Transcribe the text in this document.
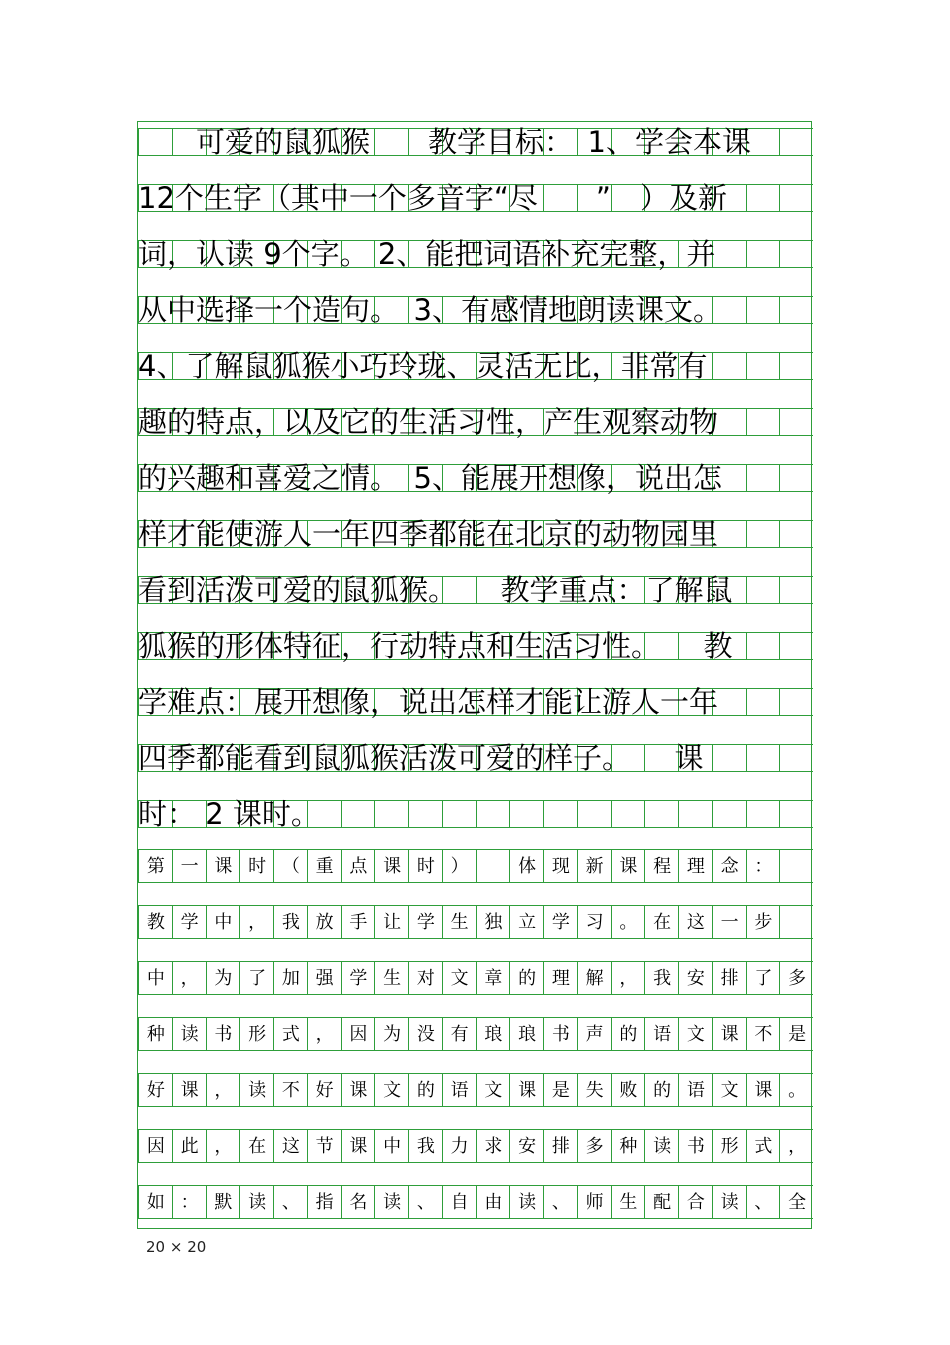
　　可爱的鼠狐猴　　教学目标：　1、学会本课
12个生字（其中一个多音字“尽　　”　）及新
词，认读 9个字。 2、能把词语补充完整，并
从中选择一个造句。　3、有感情地朗读课文。
4、了解鼠狐猴小巧玲珑、灵活无比，非常有
趣的特点，以及它的生活习性，产生观察动物
的兴趣和喜爱之情。　5、能展开想像，说出怎
样才能使游人一年四季都能在北京的动物园里
看到活泼可爱的鼠狐猴。　　教学重点：了解鼠
狐猴的形体特征，行动特点和生活习性。　　教
学难点：展开想像，说出怎样才能让游人一年
四季都能看到鼠狐猴活泼可爱的样子。　　课
时： 2 课时。
第 一 课 时 （ 重 点 课 时 ）	体 现 新 课 程 理 念 ：
教 学 中 ， 我 放 手 让 学 生 独 立 学 习 。 在 这 一 步
中 ， 为 了 加 强 学 生 对 文 章 的 理 解 ， 我 安 排 了 多
种 读 书 形 式 ， 因 为 没 有 琅 琅 书 声 的 语 文 课 不 是
好 课 ， 读 不 好 课 文 的 语 文 课 是 失 败 的 语 文 课 。
因 此 ， 在 这 节 课 中 我 力 求 安 排 多 种 读 书 形 式 ，
如 ： 默 读 、 指 名 读 、 自 由 读 、 师 生 配 合 读 、 全
20 × 20
